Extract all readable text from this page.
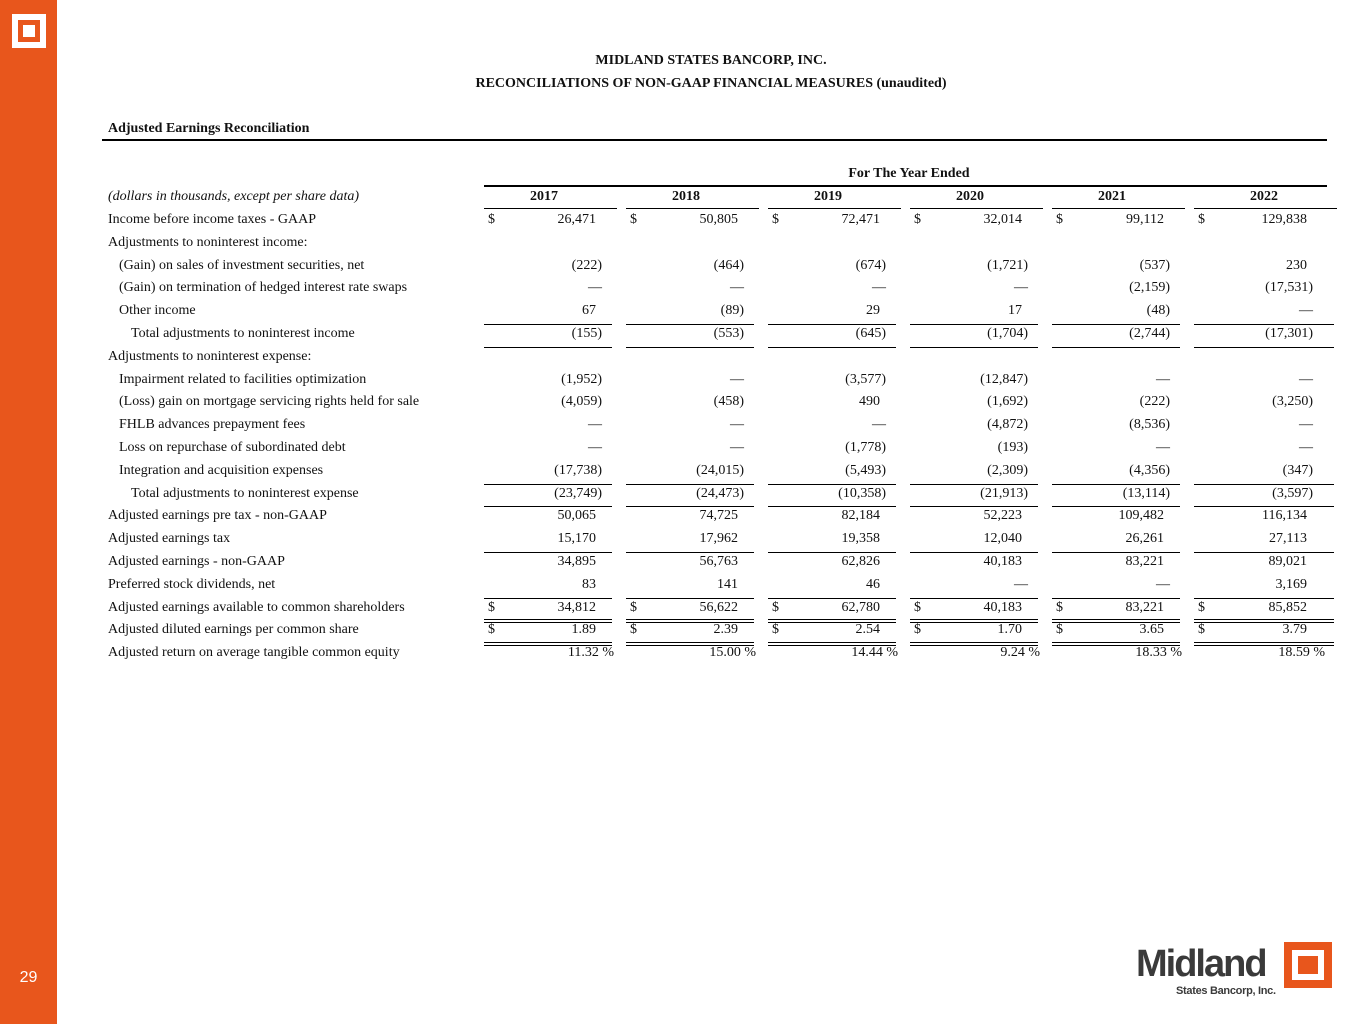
29
MIDLAND STATES BANCORP, INC.
RECONCILIATIONS OF NON-GAAP FINANCIAL MEASURES (unaudited)
Adjusted Earnings Reconciliation
For The Year Ended
(dollars in thousands, except per share data)	2017	2018	2019	2020	2021	2022
Income before income taxes - GAAP	$	26,471 $	50,805 $	72,471 $	32,014 $	99,112 $	129,838
Adjustments to noninterest income:
(Gain) on sales of investment securities, net	(222)	(464)	(674)	(1,721)	(537)	230
(Gain) on termination of hedged interest rate swaps	—	—	—	—	(2,159)	(17,531)
Other income	67	(89)	29	17	(48)	—
Total adjustments to noninterest income	(155)	(553)	(645)	(1,704)	(2,744)	(17,301)
Adjustments to noninterest expense:
Impairment related to facilities optimization	(1,952)	—	(3,577)	(12,847)	—	—
(Loss) gain on mortgage servicing rights held for sale	(4,059)	(458)	490	(1,692)	(222)	(3,250)
FHLB advances prepayment fees	—	—	—	(4,872)	(8,536)	—
Loss on repurchase of subordinated debt	—	—	(1,778)	(193)	—	—
Integration and acquisition expenses	(17,738)	(24,015)	(5,493)	(2,309)	(4,356)	(347)
Total adjustments to noninterest expense	(23,749)	(24,473)	(10,358)	(21,913)	(13,114)	(3,597)
Adjusted earnings pre tax - non-GAAP	50,065	74,725	82,184	52,223	109,482	116,134
Adjusted earnings tax	15,170	17,962	19,358	12,040	26,261	27,113
Adjusted earnings - non-GAAP	34,895	56,763	62,826	40,183	83,221	89,021
Preferred stock dividends, net	83	141	46	—	—	3,169
Adjusted earnings available to common shareholders	$	34,812 $	56,622 $	62,780 $	40,183 $	83,221 $	85,852
Adjusted diluted earnings per common share	$	1.89 $	2.39 $	2.54 $	1.70 $	3.65 $	3.79
Adjusted return on average tangible common equity	11.32 %	15.00 %	14.44 %	9.24 %	18.33 %	18.59 %
Midland
States Bancorp, Inc.
